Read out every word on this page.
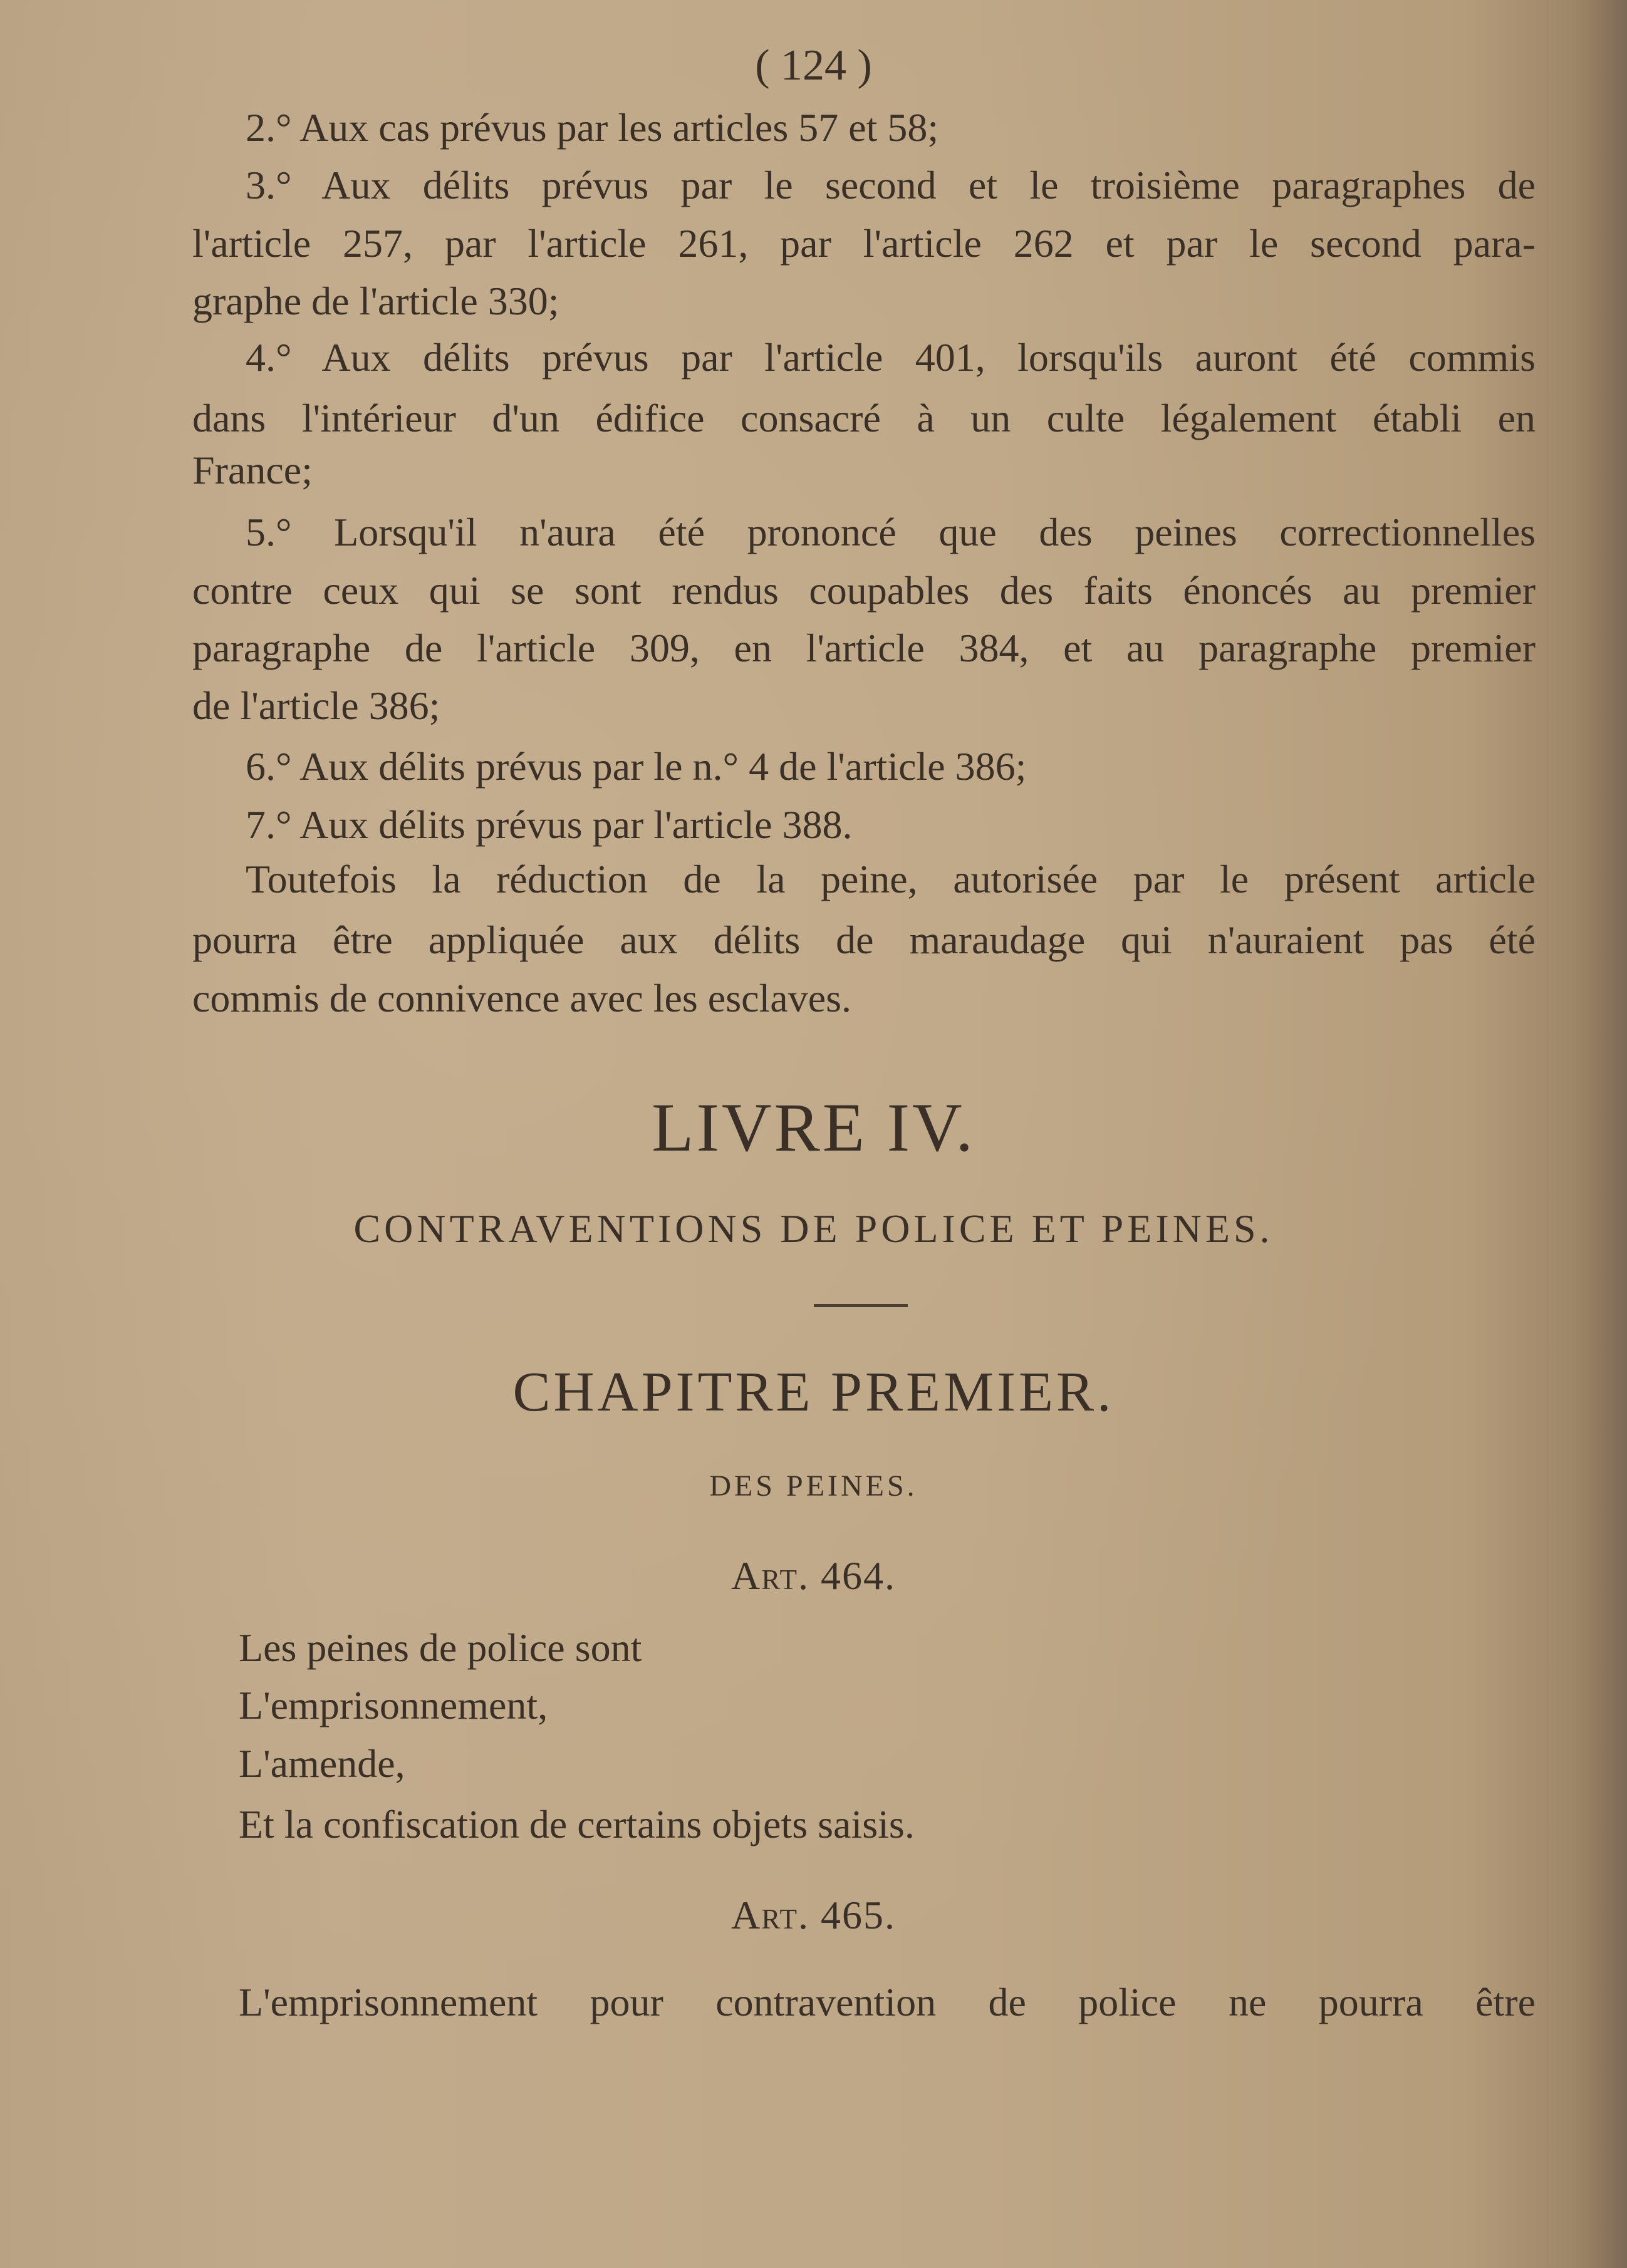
( 124 )
2.° Aux cas prévus par les articles 57 et 58;
3.° Aux délits prévus par le second et le troisième paragraphes de
l'article 257, par l'article 261, par l'article 262 et par le second para-
graphe de l'article 330;
4.° Aux délits prévus par l'article 401, lorsqu'ils auront été commis
dans l'intérieur d'un édifice consacré à un culte légalement établi en
France;
5.° Lorsqu'il n'aura été prononcé que des peines correctionnelles
contre ceux qui se sont rendus coupables des faits énoncés au premier
paragraphe de l'article 309, en l'article 384, et au paragraphe premier
de l'article 386;
6.° Aux délits prévus par le n.° 4 de l'article 386;
7.° Aux délits prévus par l'article 388.
Toutefois la réduction de la peine, autorisée par le présent article
pourra être appliquée aux délits de maraudage qui n'auraient pas été
commis de connivence avec les esclaves.
LIVRE IV.
CONTRAVENTIONS DE POLICE ET PEINES.
CHAPITRE PREMIER.
DES PEINES.
Art. 464.
Les peines de police sont
L'emprisonnement,
L'amende,
Et la confiscation de certains objets saisis.
Art. 465.
L'emprisonnement pour contravention de police ne pourra être
